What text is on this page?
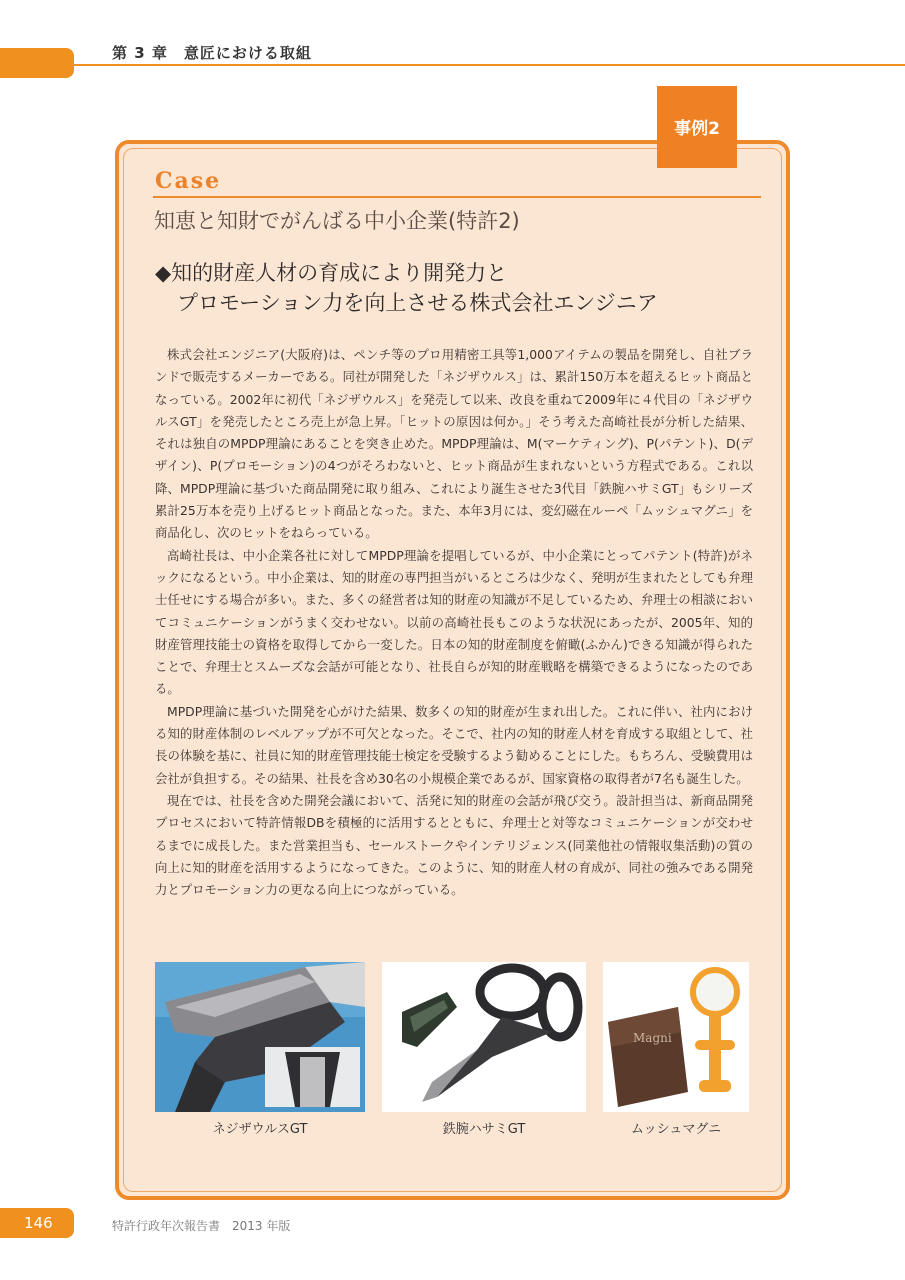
第 3 章　意匠における取組
事例2
Case
知恵と知財でがんばる中小企業(特許2)
◆知的財産人材の育成により開発力と
プロモーション力を向上させる株式会社エンジニア

株式会社エンジニア(大阪府)は、ペンチ等のプロ用精密工具等1,000アイテムの製品を開発し、自社ブランドで販売するメーカーである。同社が開発した「ネジザウルス」は、累計150万本を超えるヒット商品となっている。2002年に初代「ネジザウルス」を発売して以来、改良を重ねて2009年に４代目の「ネジザウルスGT」を発売したところ売上が急上昇。「ヒットの原因は何か。」そう考えた高崎社長が分析した結果、それは独自のMPDP理論にあることを突き止めた。MPDP理論は、M(マーケティング)、P(パテント)、D(デザイン)、P(プロモーション)の4つがそろわないと、ヒット商品が生まれないという方程式である。これ以降、MPDP理論に基づいた商品開発に取り組み、これにより誕生させた3代目「鉄腕ハサミGT」もシリーズ累計25万本を売り上げるヒット商品となった。また、本年3月には、変幻磁在ルーペ「ムッシュマグニ」を商品化し、次のヒットをねらっている。

高崎社長は、中小企業各社に対してMPDP理論を提唱しているが、中小企業にとってパテント(特許)がネックになるという。中小企業は、知的財産の専門担当がいるところは少なく、発明が生まれたとしても弁理士任せにする場合が多い。また、多くの経営者は知的財産の知識が不足しているため、弁理士の相談においてコミュニケーションがうまく交わせない。以前の高崎社長もこのような状況にあったが、2005年、知的財産管理技能士の資格を取得してから一変した。日本の知的財産制度を俯瞰(ふかん)できる知識が得られたことで、弁理士とスムーズな会話が可能となり、社長自らが知的財産戦略を構築できるようになったのである。

MPDP理論に基づいた開発を心がけた結果、数多くの知的財産が生まれ出した。これに伴い、社内における知的財産体制のレベルアップが不可欠となった。そこで、社内の知的財産人材を育成する取組として、社長の体験を基に、社員に知的財産管理技能士検定を受験するよう勧めることにした。もちろん、受験費用は会社が負担する。その結果、社長を含め30名の小規模企業であるが、国家資格の取得者が7名も誕生した。

現在では、社長を含めた開発会議において、活発に知的財産の会話が飛び交う。設計担当は、新商品開発プロセスにおいて特許情報DBを積極的に活用するとともに、弁理士と対等なコミュニケーションが交わせるまでに成長した。また営業担当も、セールストークやインテリジェンス(同業他社の情報収集活動)の質の向上に知的財産を活用するようになってきた。このように、知的財産人材の育成が、同社の強みである開発力とプロモーション力の更なる向上につながっている。

Magni
ネジザウルスGT	鉄腕ハサミGT	ムッシュマグニ
146	特許行政年次報告書　2013 年版
